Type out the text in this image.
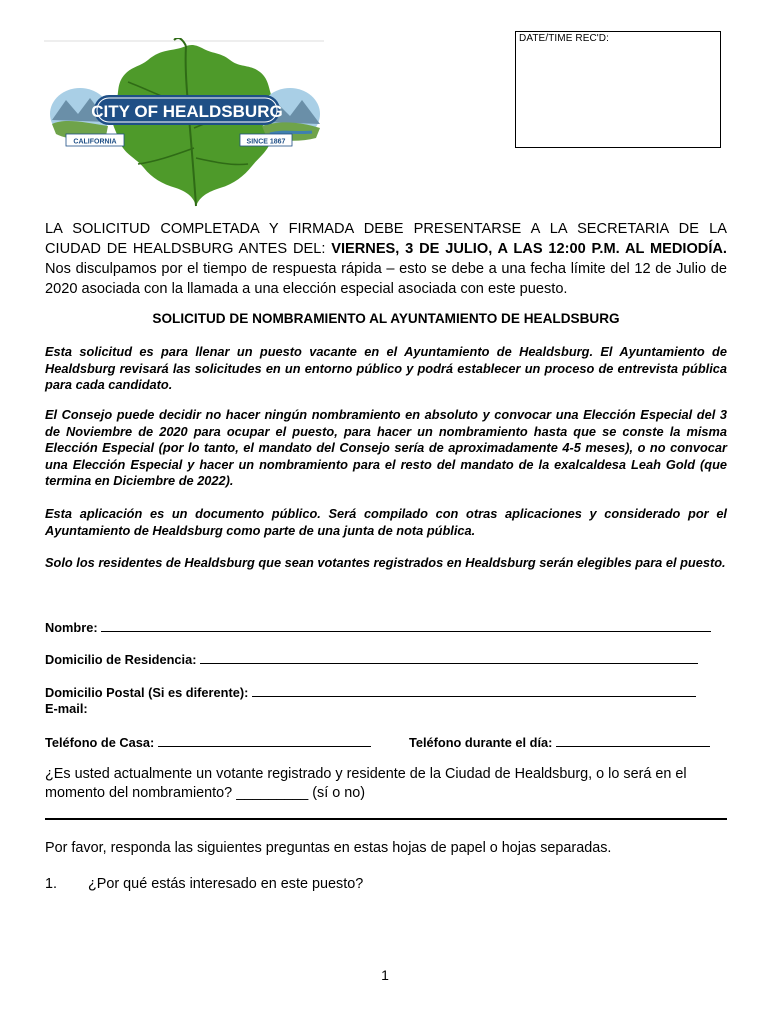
CITY OF HEALDSBURG
CALIFORNIA	SINCE 1867
DATE/TIME REC'D:
LA SOLICITUD COMPLETADA Y FIRMADA DEBE PRESENTARSE A LA SECRETARIA DE LA
CIUDAD DE HEALDSBURG ANTES DEL: VIERNES, 3 DE JULIO, A LAS 12:00 P.M. AL MEDIODÍA. Nos disculpamos por el tiempo de respuesta rápida – esto se debe a una fecha límite del 12 de Julio de 2020 asociada con la llamada a una elección especial asociada con este puesto.
SOLICITUD DE NOMBRAMIENTO AL AYUNTAMIENTO DE HEALDSBURG
Esta solicitud es para llenar un puesto vacante en el Ayuntamiento de Healdsburg. El Ayuntamiento de Healdsburg revisará las solicitudes en un entorno público y podrá establecer un proceso de entrevista pública para cada candidato.
El Consejo puede decidir no hacer ningún nombramiento en absoluto y convocar una Elección Especial del 3 de Noviembre de 2020 para ocupar el puesto, para hacer un nombramiento hasta que se conste la misma Elección Especial (por lo tanto, el mandato del Consejo sería de aproximadamente 4-5 meses), o no convocar una Elección Especial y hacer un nombramiento para el resto del mandato de la exalcaldesa Leah Gold (que termina en Diciembre de 2022).
Esta aplicación es un documento público. Será compilado con otras aplicaciones y considerado por el Ayuntamiento de Healdsburg como parte de una junta de nota pública.
Solo los residentes de Healdsburg que sean votantes registrados en Healdsburg serán elegibles para el puesto.
Nombre:
Domicilio de Residencia:
Domicilio Postal (Si es diferente):
E-mail:
Teléfono de Casa:	Teléfono durante el día:
¿Es usted actualmente un votante registrado y residente de la Ciudad de Healdsburg, o lo será en el momento del nombramiento? _________ (sí o no)
Por favor, responda las siguientes preguntas en estas hojas de papel o hojas separadas.
1. ¿Por qué estás interesado en este puesto?
1
